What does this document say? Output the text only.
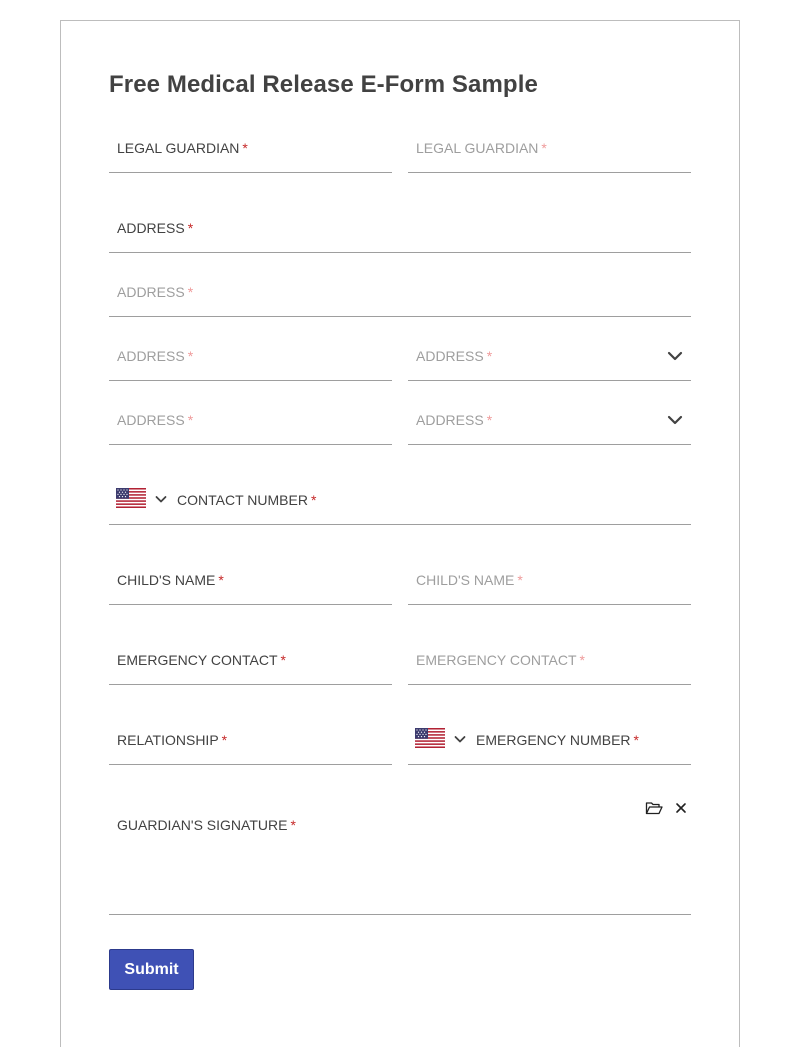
Free Medical Release E-Form Sample
LEGAL GUARDIAN *	LEGAL GUARDIAN *
ADDRESS *
ADDRESS *
ADDRESS *	ADDRESS *
ADDRESS *	ADDRESS *
CONTACT NUMBER *
CHILD'S NAME *	CHILD'S NAME *
EMERGENCY CONTACT *	EMERGENCY CONTACT *
RELATIONSHIP *	EMERGENCY NUMBER *
GUARDIAN'S SIGNATURE *
Submit
